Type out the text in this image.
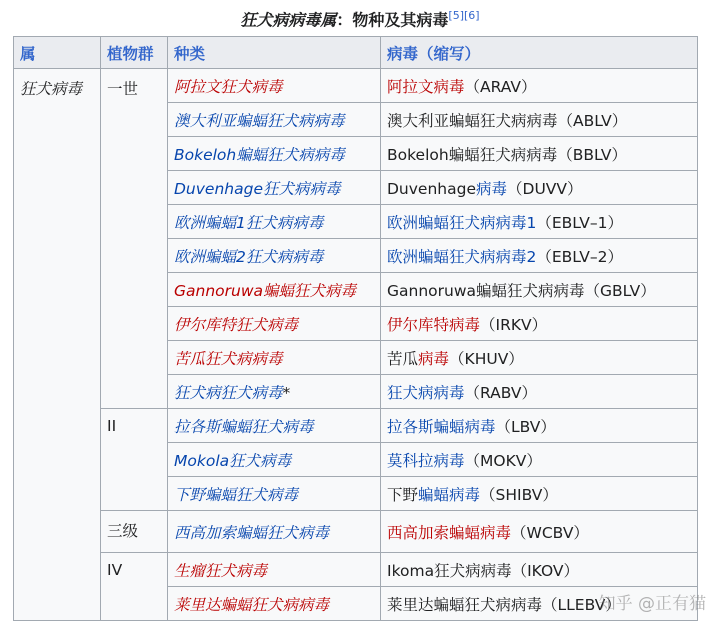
狂犬病病毒属：物种及其病毒[5][6]
属	植物群	种类	病毒（缩写）
狂犬病毒	一世	阿拉文狂犬病毒	阿拉文病毒（ARAV）
		澳大利亚蝙蝠狂犬病病毒	澳大利亚蝙蝠狂犬病病毒（ABLV）
		Bokeloh蝙蝠狂犬病病毒	Bokeloh蝙蝠狂犬病病毒（BBLV）
		Duvenhage狂犬病病毒	Duvenhage病毒（DUVV）
		欧洲蝙蝠1狂犬病病毒	欧洲蝙蝠狂犬病病毒1（EBLV–1）
		欧洲蝙蝠2狂犬病病毒	欧洲蝙蝠狂犬病病毒2（EBLV–2）
		Gannoruwa蝙蝠狂犬病毒	Gannoruwa蝙蝠狂犬病病毒（GBLV）
		伊尔库特狂犬病毒	伊尔库特病毒（IRKV）
		苦瓜狂犬病病毒	苦瓜病毒（KHUV）
		狂犬病狂犬病毒*	狂犬病病毒（RABV）
	II	拉各斯蝙蝠狂犬病毒	拉各斯蝙蝠病毒（LBV）
		Mokola狂犬病毒	莫科拉病毒（MOKV）
		下野蝙蝠狂犬病毒	下野蝙蝠病毒（SHIBV）
	三级	西高加索蝙蝠狂犬病毒	西高加索蝙蝠病毒（WCBV）
	IV	生瘤狂犬病毒	Ikoma狂犬病病毒（IKOV）
		莱里达蝙蝠狂犬病病毒	莱里达蝙蝠狂犬病病毒（LLEBV）
知乎 @正有猫
